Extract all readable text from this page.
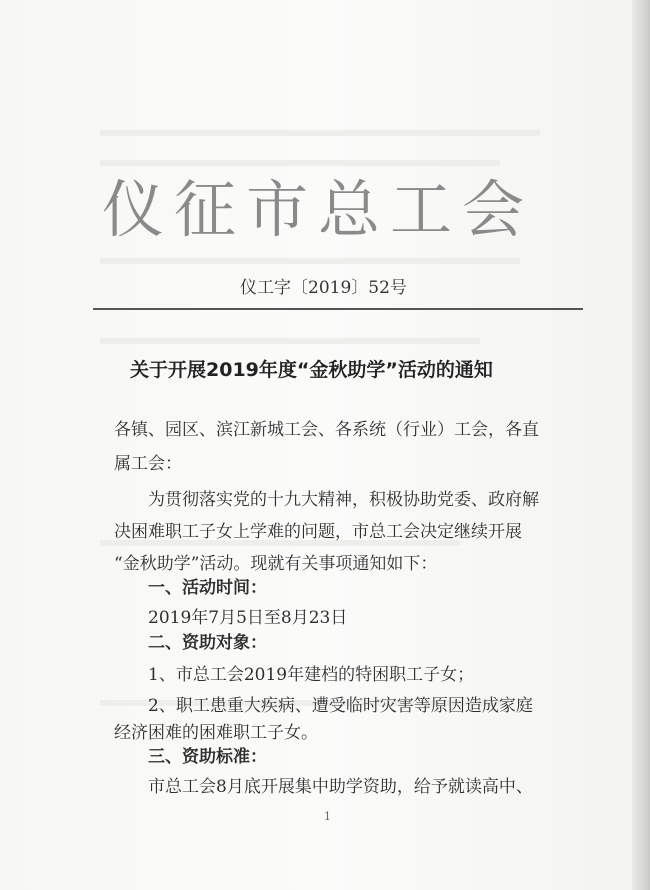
仪征市总工会
仪工字〔2019〕52号
关于开展2019年度“金秋助学”活动的通知
各镇、园区、滨江新城工会、各系统（行业）工会，各直
属工会：
为贯彻落实党的十九大精神，积极协助党委、政府解
决困难职工子女上学难的问题，市总工会决定继续开展
“金秋助学”活动。现就有关事项通知如下：
一、活动时间：
2019年7月5日至8月23日
二、资助对象：
1、市总工会2019年建档的特困职工子女；
2、职工患重大疾病、遭受临时灾害等原因造成家庭
经济困难的困难职工子女。
三、资助标准：
市总工会8月底开展集中助学资助，给予就读高中、
1
